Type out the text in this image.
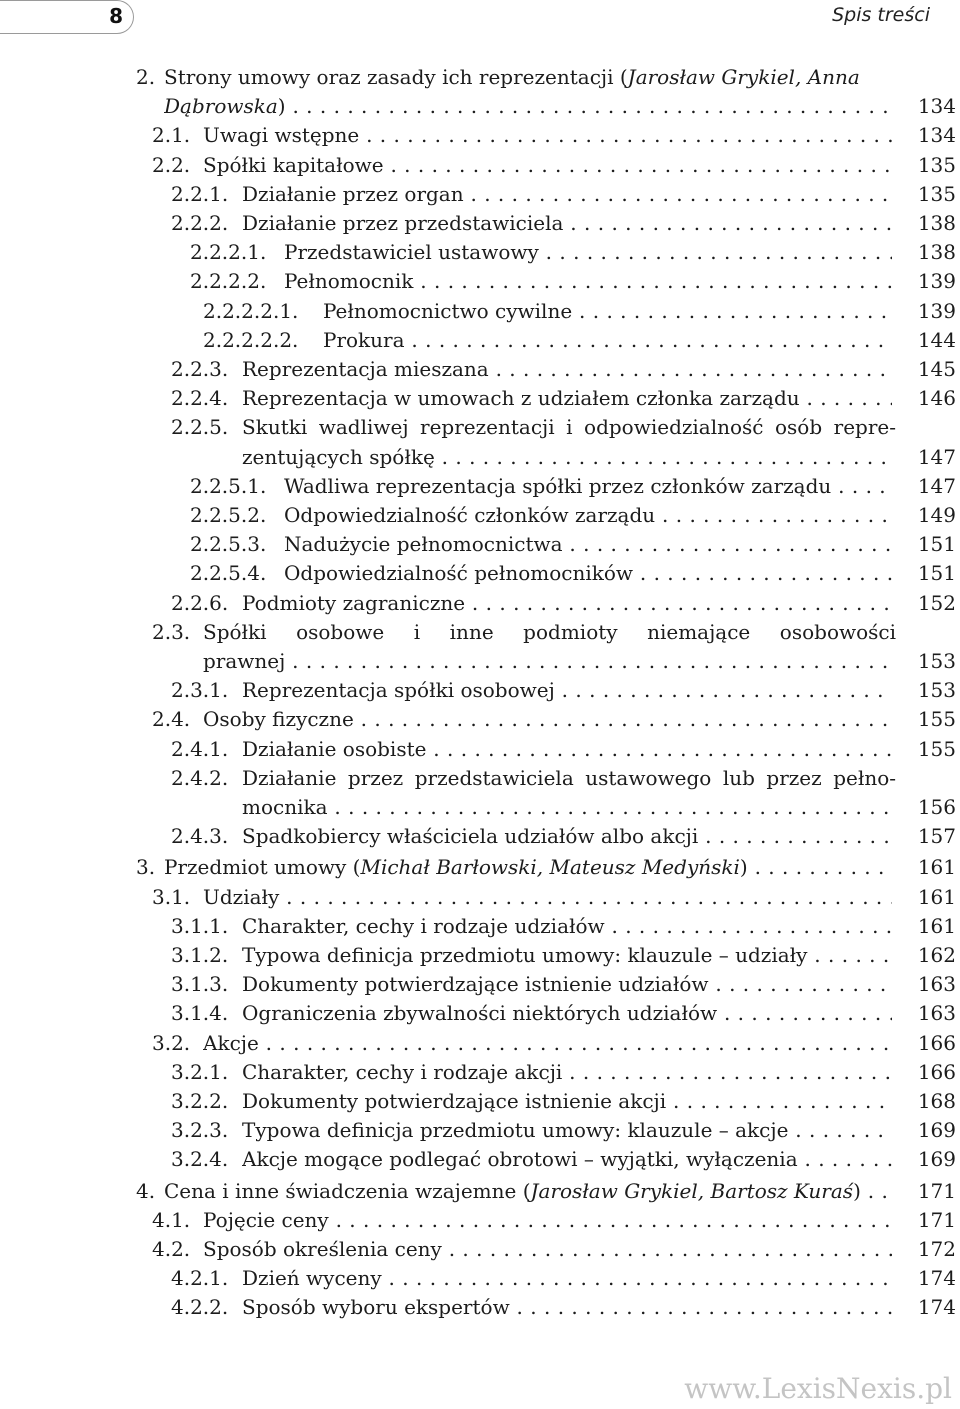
8	Spis treści
2. Strony umowy oraz zasady ich reprezentacji (Jarosław Grykiel, Anna
Dąbrowska) . . .	134
2.1. Uwagi wstępne . . .	134
2.2. Spółki kapitałowe . . .	135
2.2.1. Działanie przez organ . . .	135
2.2.2. Działanie przez przedstawiciela . . .	138
2.2.2.1. Przedstawiciel ustawowy . . .	138
2.2.2.2. Pełnomocnik . . .	139
2.2.2.2.1. Pełnomocnictwo cywilne . . .	139
2.2.2.2.2. Prokura . . .	144
2.2.3. Reprezentacja mieszana . . .	145
2.2.4. Reprezentacja w umowach z udziałem członka zarządu . . .	146
2.2.5. Skutki wadliwej reprezentacji i odpowiedzialność osób repre-
zentujących spółkę . . .	147
2.2.5.1. Wadliwa reprezentacja spółki przez członków zarządu . . .	147
2.2.5.2. Odpowiedzialność członków zarządu . . .	149
2.2.5.3. Nadużycie pełnomocnictwa . . .	151
2.2.5.4. Odpowiedzialność pełnomocników . . .	151
2.2.6. Podmioty zagraniczne . . .	152
2.3. Spółki osobowe i inne podmioty niemające osobowości
prawnej . . .	153
2.3.1. Reprezentacja spółki osobowej . . .	153
2.4. Osoby fizyczne . . .	155
2.4.1. Działanie osobiste . . .	155
2.4.2. Działanie przez przedstawiciela ustawowego lub przez pełno-
mocnika . . .	156
2.4.3. Spadkobiercy właściciela udziałów albo akcji . . .	157
3. Przedmiot umowy (Michał Barłowski, Mateusz Medyński) . . .	161
3.1. Udziały . . .	161
3.1.1. Charakter, cechy i rodzaje udziałów . . .	161
3.1.2. Typowa definicja przedmiotu umowy: klauzule – udziały . . .	162
3.1.3. Dokumenty potwierdzające istnienie udziałów . . .	163
3.1.4. Ograniczenia zbywalności niektórych udziałów . . .	163
3.2. Akcje . . .	166
3.2.1. Charakter, cechy i rodzaje akcji . . .	166
3.2.2. Dokumenty potwierdzające istnienie akcji . . .	168
3.2.3. Typowa definicja przedmiotu umowy: klauzule – akcje . . .	169
3.2.4. Akcje mogące podlegać obrotowi – wyjątki, wyłączenia . . .	169
4. Cena i inne świadczenia wzajemne (Jarosław Grykiel, Bartosz Kuraś) . . .	171
4.1. Pojęcie ceny . . .	171
4.2. Sposób określenia ceny . . .	172
4.2.1. Dzień wyceny . . .	174
4.2.2. Sposób wyboru ekspertów . . .	174
www.LexisNexis.pl
